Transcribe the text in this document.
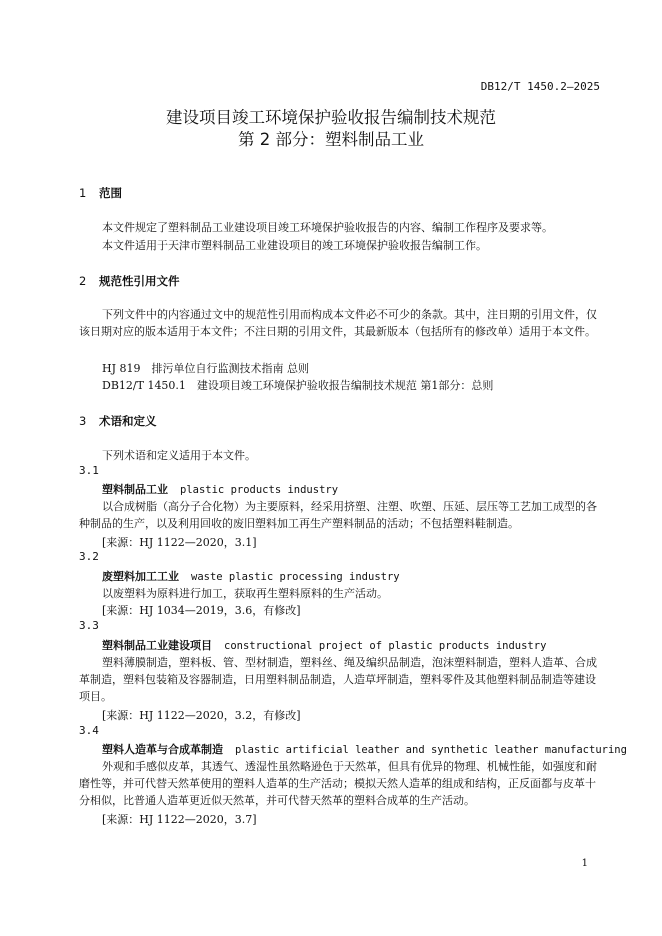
DB12/T 1450.2—2025
建设项目竣工环境保护验收报告编制技术规范
第 2 部分：塑料制品工业
1 范围
本文件规定了塑料制品工业建设项目竣工环境保护验收报告的内容、编制工作程序及要求等。
本文件适用于天津市塑料制品工业建设项目的竣工环境保护验收报告编制工作。
2 规范性引用文件
下列文件中的内容通过文中的规范性引用而构成本文件必不可少的条款。其中，注日期的引用文件，仅该日期对应的版本适用于本文件；不注日期的引用文件，其最新版本（包括所有的修改单）适用于本文件。
HJ 819　排污单位自行监测技术指南 总则
DB12/T 1450.1　建设项目竣工环境保护验收报告编制技术规范 第1部分：总则
3 术语和定义
下列术语和定义适用于本文件。
3.1
塑料制品工业 plastic products industry
以合成树脂（高分子合化物）为主要原料，经采用挤塑、注塑、吹塑、压延、层压等工艺加工成型的各种制品的生产，以及利用回收的废旧塑料加工再生产塑料制品的活动；不包括塑料鞋制造。
[来源：HJ 1122—2020，3.1]
3.2
废塑料加工工业 waste plastic processing industry
以废塑料为原料进行加工，获取再生塑料原料的生产活动。
[来源：HJ 1034—2019，3.6，有修改]
3.3
塑料制品工业建设项目 constructional project of plastic products industry
塑料薄膜制造，塑料板、管、型材制造，塑料丝、绳及编织品制造，泡沫塑料制造，塑料人造革、合成革制造，塑料包装箱及容器制造，日用塑料制品制造，人造草坪制造，塑料零件及其他塑料制品制造等建设项目。
[来源：HJ 1122—2020，3.2，有修改]
3.4
塑料人造革与合成革制造 plastic artificial leather and synthetic leather manufacturing
外观和手感似皮革，其透气、透湿性虽然略逊色于天然革，但具有优异的物理、机械性能，如强度和耐磨性等，并可代替天然革使用的塑料人造革的生产活动；模拟天然人造革的组成和结构，正反面都与皮革十分相似，比普通人造革更近似天然革，并可代替天然革的塑料合成革的生产活动。
[来源：HJ 1122—2020，3.7]
1
